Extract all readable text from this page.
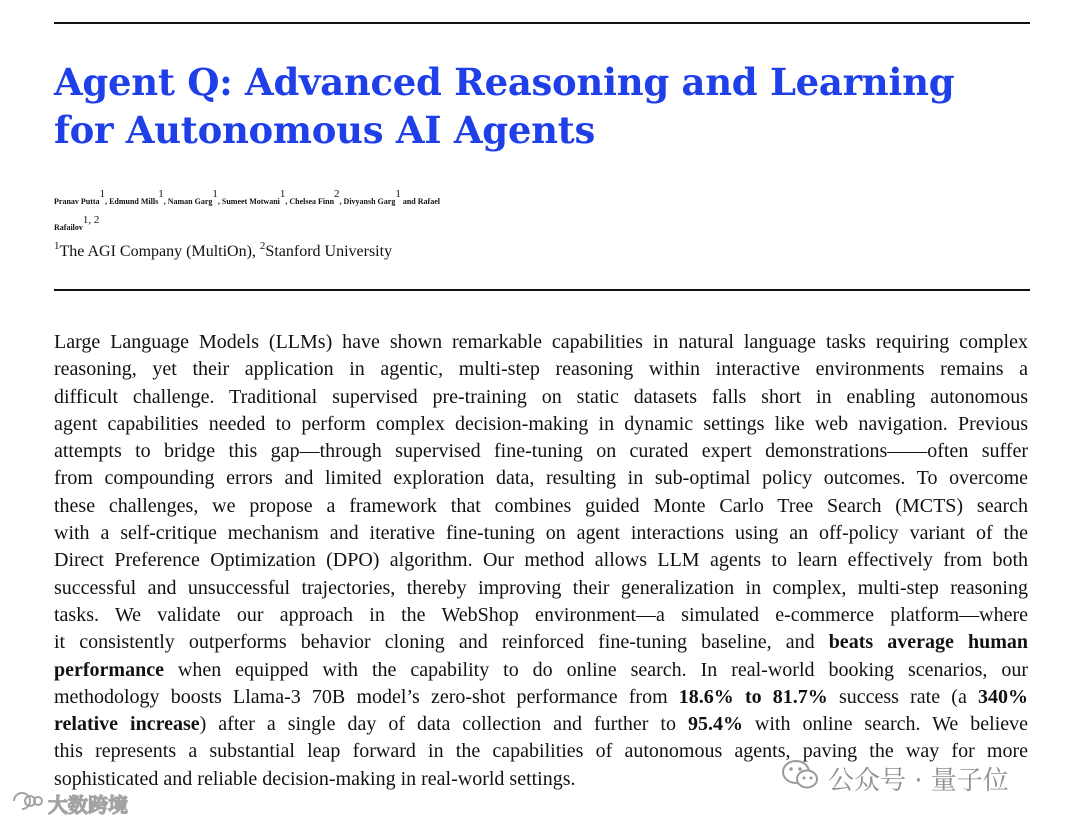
Agent Q: Advanced Reasoning and Learning
for Autonomous AI Agents
Pranav Putta$^1$, Edmund Mills$^1$, Naman Garg$^1$, Sumeet Motwani$^1$, Chelsea Finn$^2$, Divyansh Garg$^1$ and Rafael
Rafailov$^{1, 2}$
$^1$The AGI Company (MultiOn), $^2$Stanford University
Large Language Models (LLMs) have shown remarkable capabilities in natural language tasks requiring complex
reasoning, yet their application in agentic, multi-step reasoning within interactive environments remains a
difficult challenge. Traditional supervised pre-training on static datasets falls short in enabling autonomous
agent capabilities needed to perform complex decision-making in dynamic settings like web navigation. Previous
attempts to bridge this gap—through supervised fine-tuning on curated expert demonstrations——often suffer
from compounding errors and limited exploration data, resulting in sub-optimal policy outcomes. To overcome
these challenges, we propose a framework that combines guided Monte Carlo Tree Search (MCTS) search
with a self-critique mechanism and iterative fine-tuning on agent interactions using an off-policy variant of the
Direct Preference Optimization (DPO) algorithm. Our method allows LLM agents to learn effectively from both
successful and unsuccessful trajectories, thereby improving their generalization in complex, multi-step reasoning
tasks. We validate our approach in the WebShop environment—a simulated e-commerce platform—where
it consistently outperforms behavior cloning and reinforced fine-tuning baseline, and beats average human
performance when equipped with the capability to do online search. In real-world booking scenarios, our
methodology boosts Llama-3 70B model’s zero-shot performance from 18.6% to 81.7% success rate (a 340%
relative increase) after a single day of data collection and further to 95.4% with online search. We believe
this represents a substantial leap forward in the capabilities of autonomous agents, paving the way for more
sophisticated and reliable decision-making in real-world settings.
大数跨境
公众号 · 量子位
